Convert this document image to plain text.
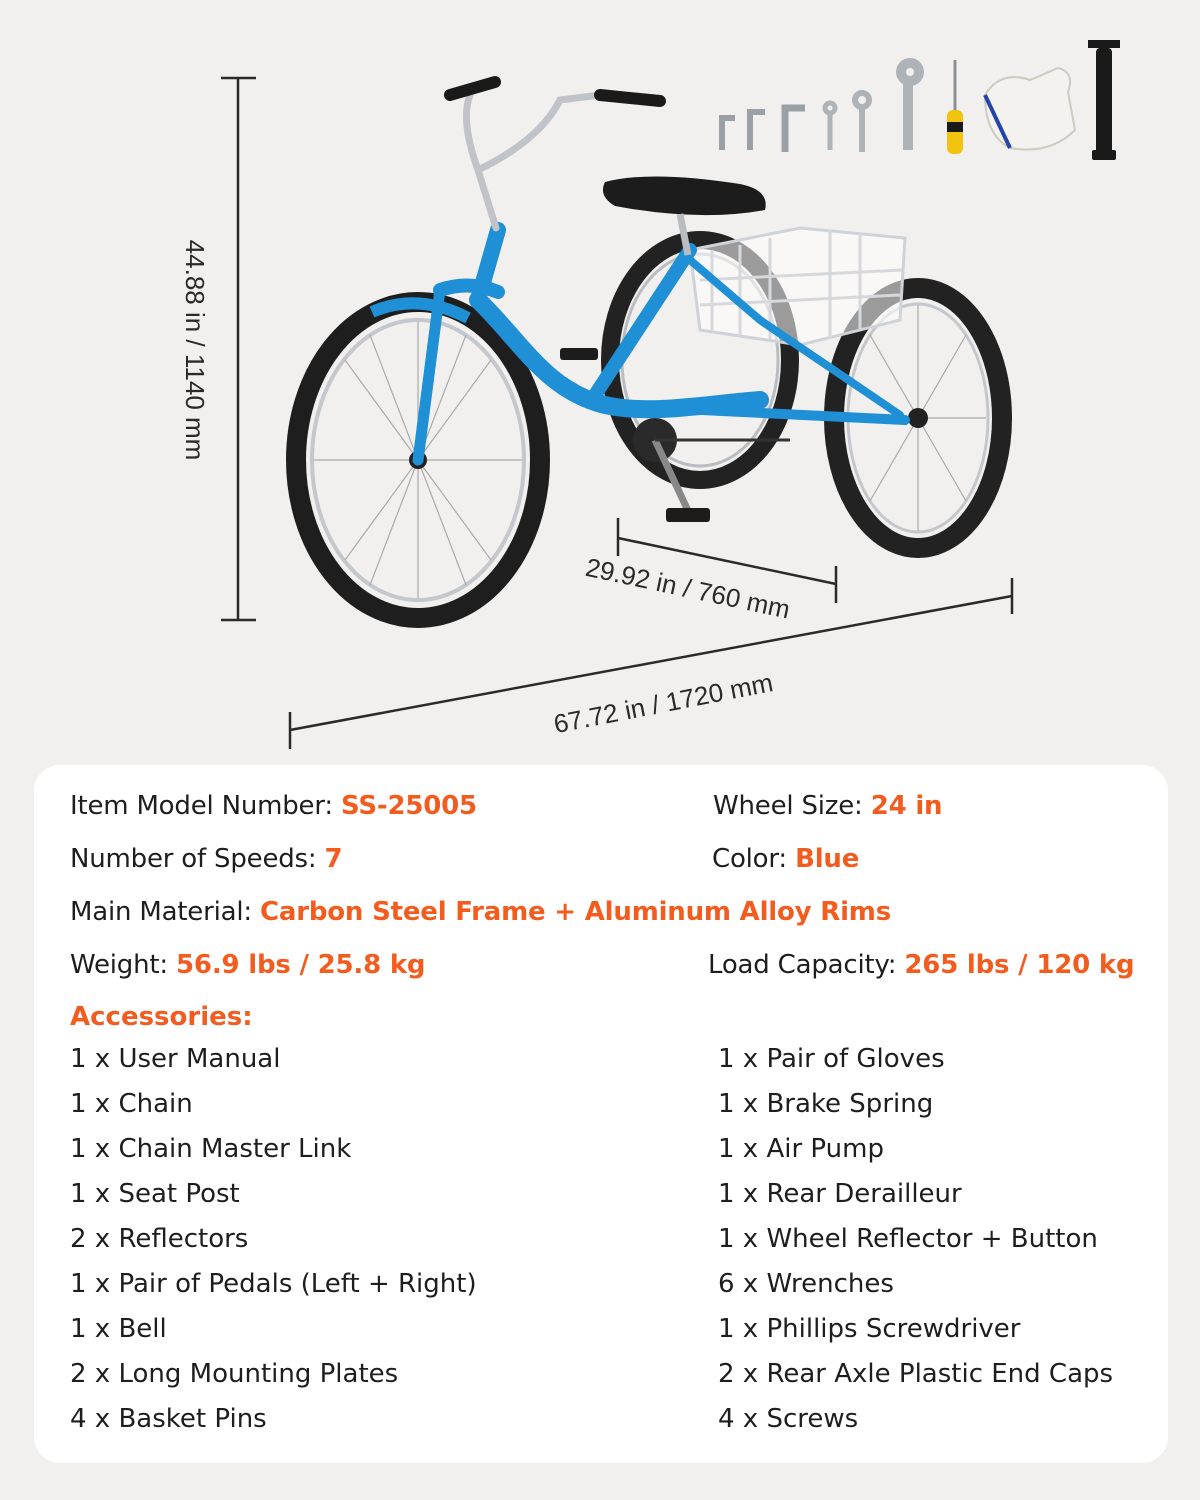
44.88 in / 1140 mm
29.92 in / 760 mm
67.72 in / 1720 mm
Item Model Number: SS-25005	Wheel Size: 24 in
Number of Speeds: 7	Color: Blue
Main Material: Carbon Steel Frame + Aluminum Alloy Rims
Weight: 56.9 lbs / 25.8 kg	Load Capacity: 265 lbs / 120 kg
Accessories:
1 x User Manual
1 x Chain
1 x Chain Master Link
1 x Seat Post
2 x Reflectors
1 x Pair of Pedals (Left + Right)
1 x Bell
2 x Long Mounting Plates
4 x Basket Pins
1 x Pair of Gloves
1 x Brake Spring
1 x Air Pump
1 x Rear Derailleur
1 x Wheel Reflector + Button
6 x Wrenches
1 x Phillips Screwdriver
2 x Rear Axle Plastic End Caps
4 x Screws
